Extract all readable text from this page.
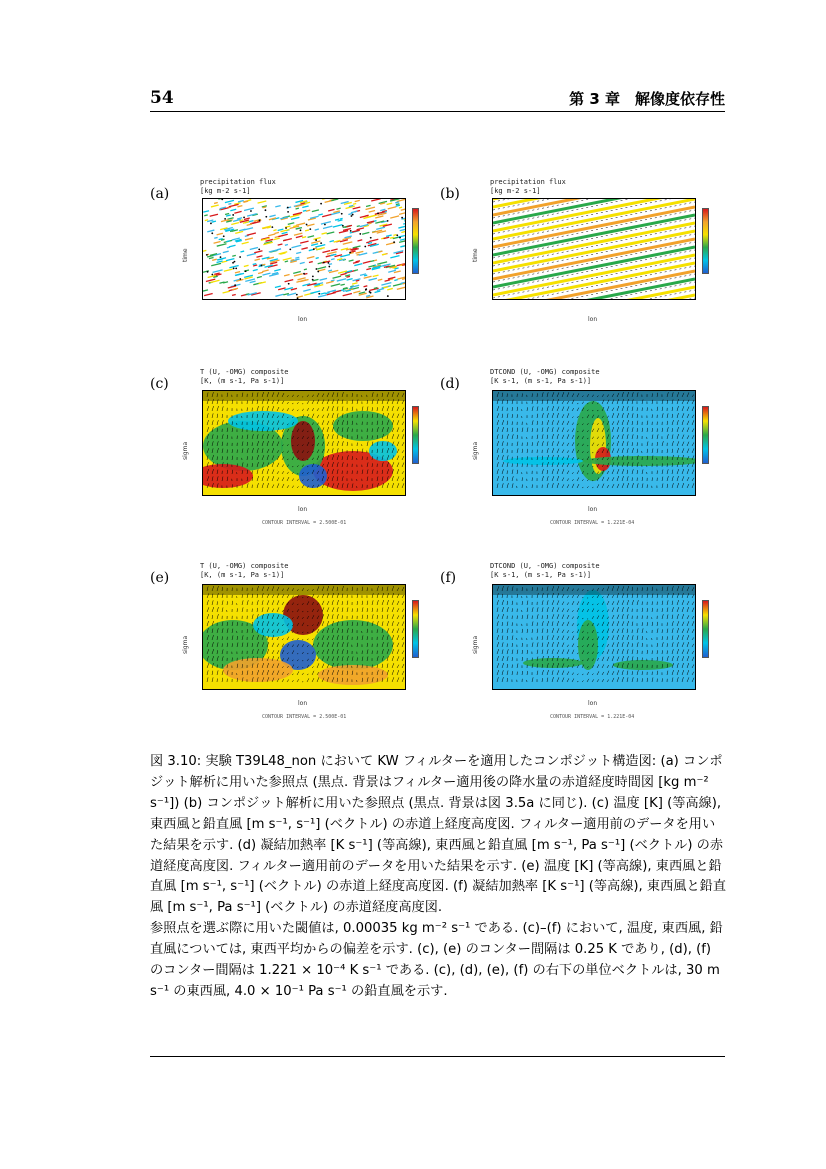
54	第 3 章　解像度依存性
(a)	(b)
(c)	(d)
(e)	(f)
precipitation flux
[kg m-2 s-1]
lon
time
precipitation flux
[kg m-2 s-1]
lon
time
T (U, -OMG) composite
[K, (m s-1, Pa s-1)]
lon
sigma
CONTOUR INTERVAL = 2.500E-01
DTCOND (U, -OMG) composite
[K s-1, (m s-1, Pa s-1)]
lon
sigma
CONTOUR INTERVAL = 1.221E-04
T (U, -OMG) composite
[K, (m s-1, Pa s-1)]
lon
sigma
CONTOUR INTERVAL = 2.500E-01
DTCOND (U, -OMG) composite
[K s-1, (m s-1, Pa s-1)]
lon
sigma
CONTOUR INTERVAL = 1.221E-04

図 3.10: 実験 T39L48_non において KW フィルターを適用したコンポジット構造図: (a) コンポジット解析に用いた参照点 (黒点. 背景はフィルター適用後の降水量の赤道経度時間図 [kg m⁻² s⁻¹]) (b) コンポジット解析に用いた参照点 (黒点. 背景は図 3.5a に同じ). (c) 温度 [K] (等高線), 東西風と鉛直風 [m s⁻¹, s⁻¹] (ベクトル) の赤道上経度高度図. フィルター適用前のデータを用いた結果を示す. (d) 凝結加熱率 [K s⁻¹] (等高線), 東西風と鉛直風 [m s⁻¹, Pa s⁻¹] (ベクトル) の赤道経度高度図. フィルター適用前のデータを用いた結果を示す. (e) 温度 [K] (等高線), 東西風と鉛直風 [m s⁻¹, s⁻¹] (ベクトル) の赤道上経度高度図. (f) 凝結加熱率 [K s⁻¹] (等高線), 東西風と鉛直風 [m s⁻¹, Pa s⁻¹] (ベクトル) の赤道経度高度図.

参照点を選ぶ際に用いた閾値は, 0.00035 kg m⁻² s⁻¹ である. (c)–(f) において, 温度, 東西風, 鉛直風については, 東西平均からの偏差を示す. (c), (e) のコンター間隔は 0.25 K であり, (d), (f) のコンター間隔は 1.221 × 10⁻⁴ K s⁻¹ である. (c), (d), (e), (f) の右下の単位ベクトルは, 30 m s⁻¹ の東西風, 4.0 × 10⁻¹ Pa s⁻¹ の鉛直風を示す.
